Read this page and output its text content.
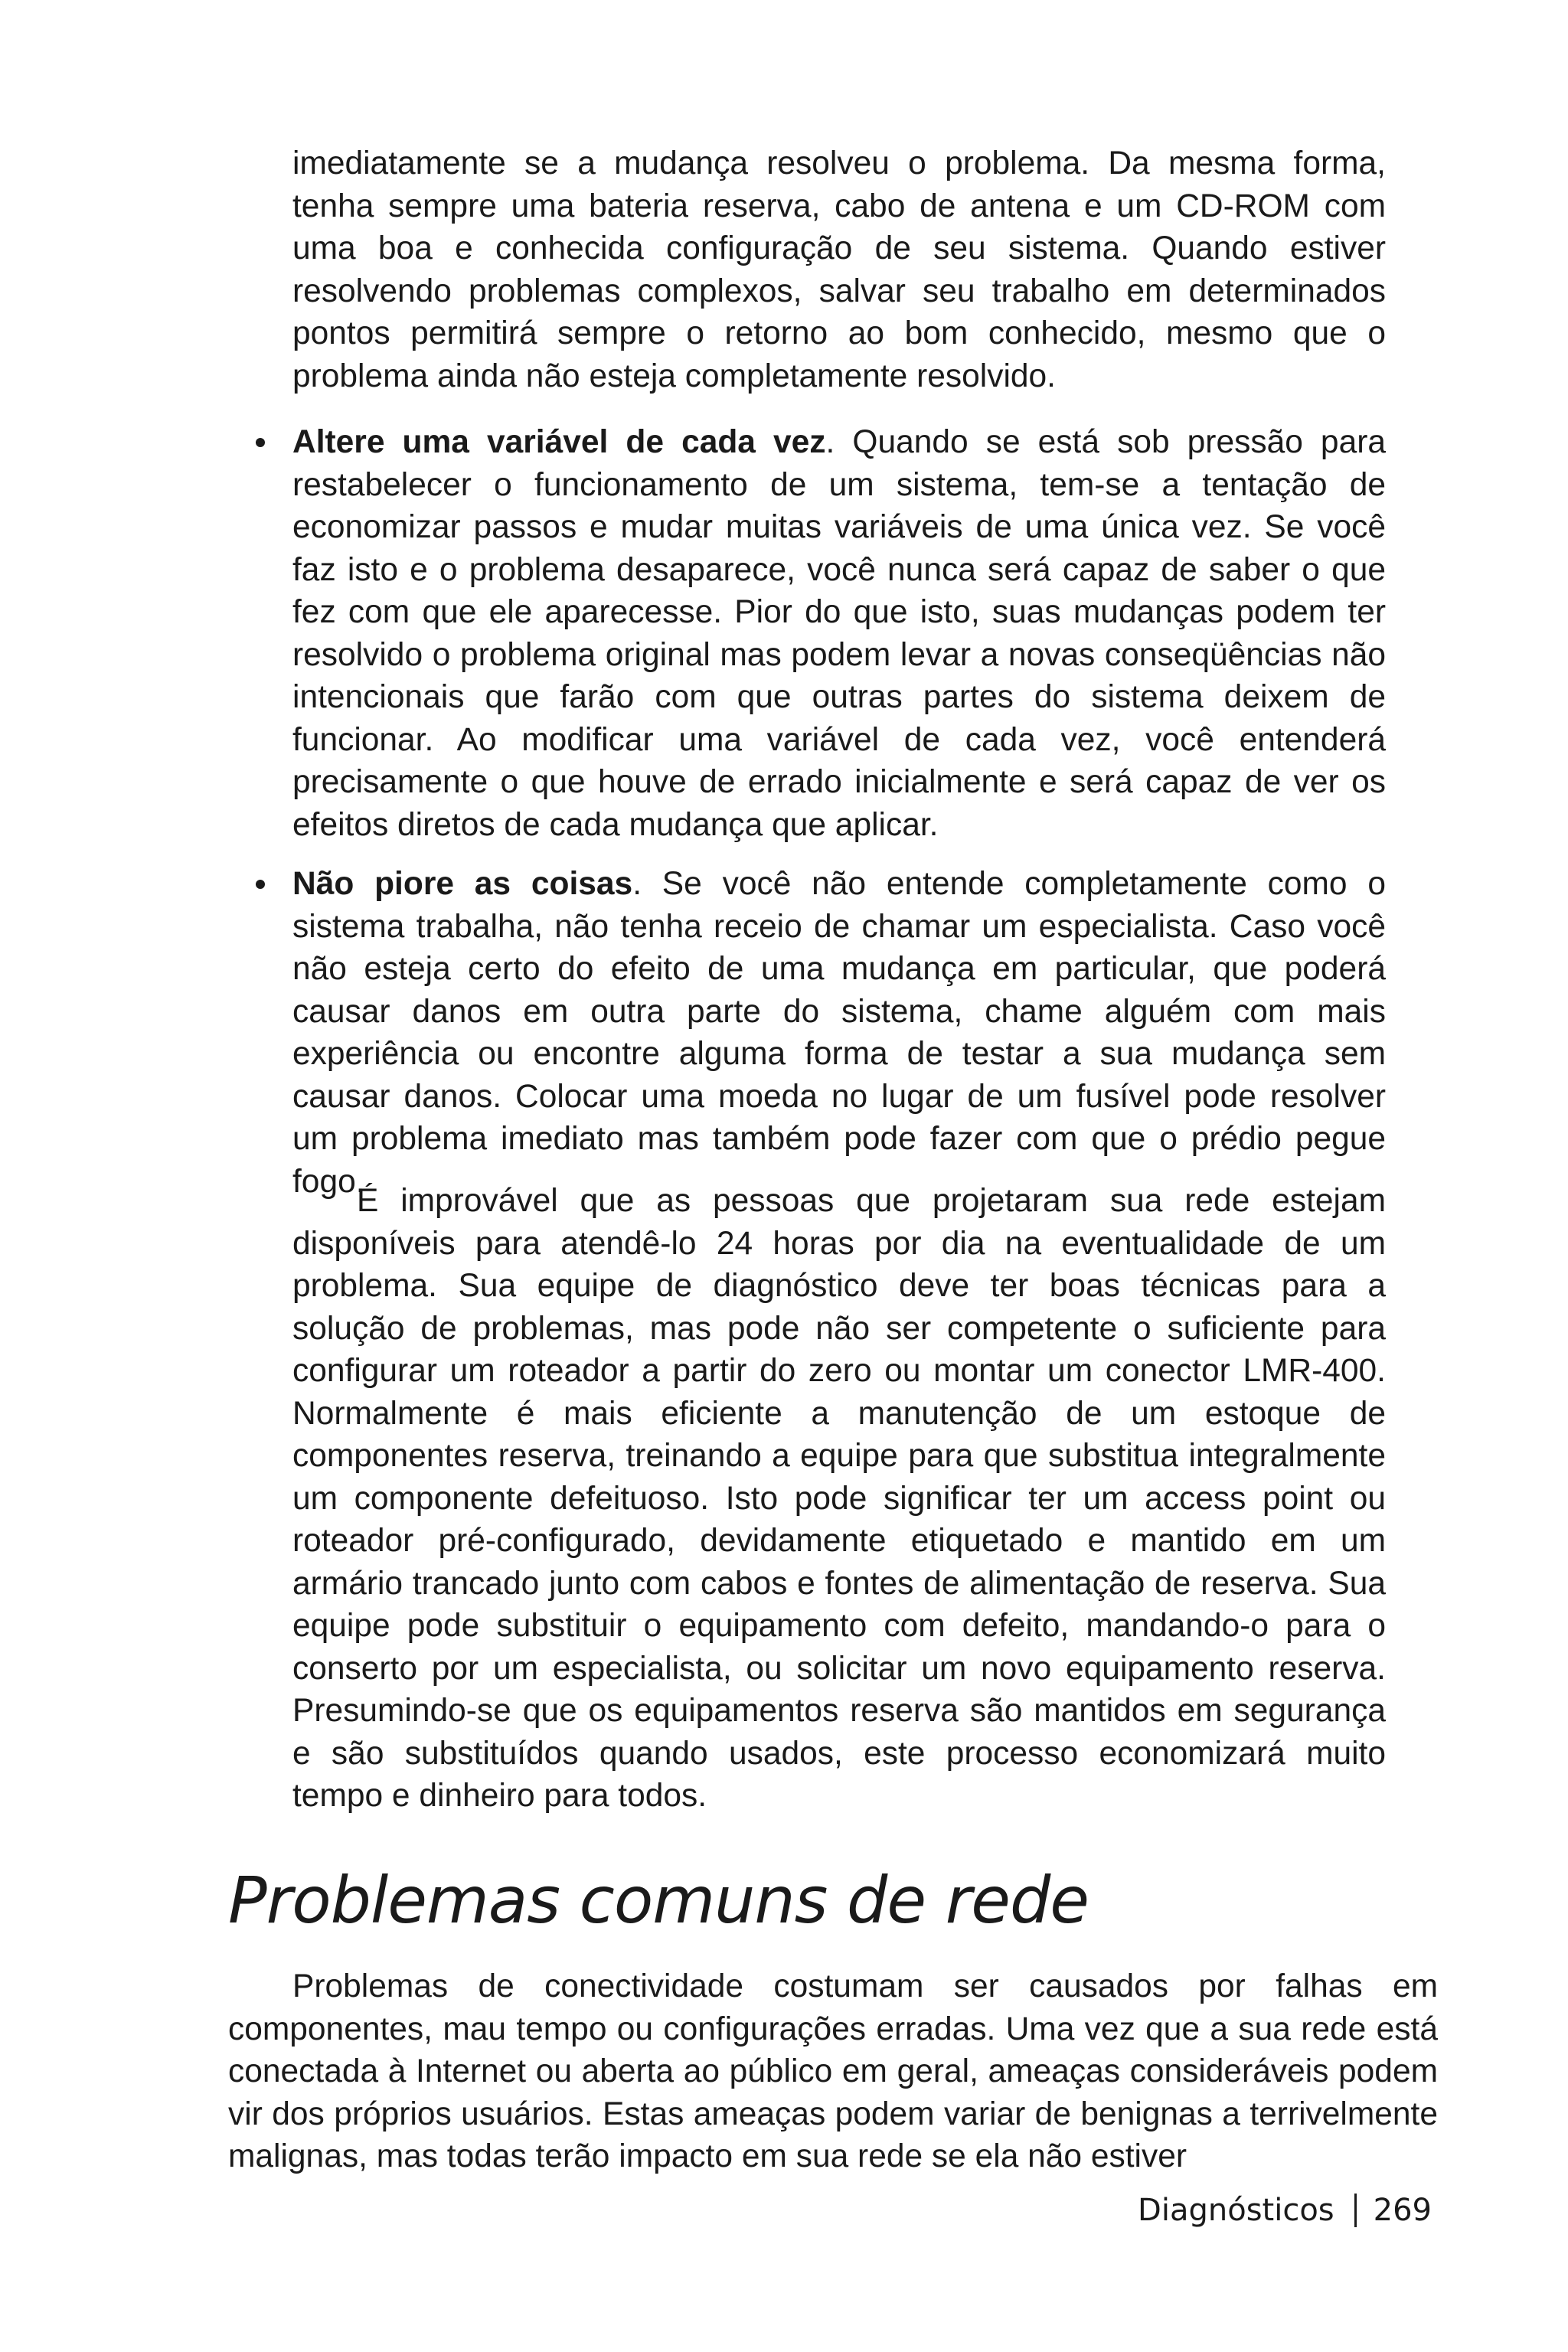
imediatamente se a mudança resolveu o problema. Da mesma forma, tenha sempre uma bateria reserva, cabo de antena e um CD-ROM com uma boa e conhecida configuração de seu sistema. Quando estiver resolvendo problemas complexos, salvar seu trabalho em determinados pontos permitirá sempre o retorno ao bom conhecido, mesmo que o problema ainda não esteja completamente resolvido.

Altere uma variável de cada vez. Quando se está sob pressão para restabelecer o funcionamento de um sistema, tem-se a tentação de economizar passos e mudar muitas variáveis de uma única vez. Se você faz isto e o problema desaparece, você nunca será capaz de saber o que fez com que ele aparecesse. Pior do que isto, suas mudanças podem ter resolvido o problema original mas podem levar a novas conseqüências não intencionais que farão com que outras partes do sistema deixem de funcionar. Ao modificar uma variável de cada vez, você entenderá precisamente o que houve de errado inicialmente e será capaz de ver os efeitos diretos de cada mudança que aplicar.

Não piore as coisas. Se você não entende completamente como o sistema trabalha, não tenha receio de chamar um especialista. Caso você não esteja certo do efeito de uma mudança em particular, que poderá causar danos em outra parte do sistema, chame alguém com mais experiência ou encontre alguma forma de testar a sua mudança sem causar danos. Colocar uma moeda no lugar de um fusível pode resolver um problema imediato mas também pode fazer com que o prédio pegue fogo.

É improvável que as pessoas que projetaram sua rede estejam disponíveis para atendê-lo 24 horas por dia na eventualidade de um problema. Sua equipe de diagnóstico deve ter boas técnicas para a solução de problemas, mas pode não ser competente o suficiente para configurar um roteador a partir do zero ou montar um conector LMR-400. Normalmente é mais eficiente a manutenção de um estoque de componentes reserva, treinando a equipe para que substitua integralmente um componente defeituoso. Isto pode significar ter um access point ou roteador pré-configurado, devidamente etiquetado e mantido em um armário trancado junto com cabos e fontes de alimentação de reserva. Sua equipe pode substituir o equipamento com defeito, mandando-o para o conserto por um especialista, ou solicitar um novo equipamento reserva. Presumindo-se que os equipamentos reserva são mantidos em segurança e são substituídos quando usados, este processo economizará muito tempo e dinheiro para todos.

Problemas comuns de rede

Problemas de conectividade costumam ser causados por falhas em componentes, mau tempo ou configurações erradas. Uma vez que a sua rede está conectada à Internet ou aberta ao público em geral, ameaças consideráveis podem vir dos próprios usuários. Estas ameaças podem variar de benignas a terrivelmente malignas, mas todas terão impacto em sua rede se ela não estiver

Diagnósticos 269
